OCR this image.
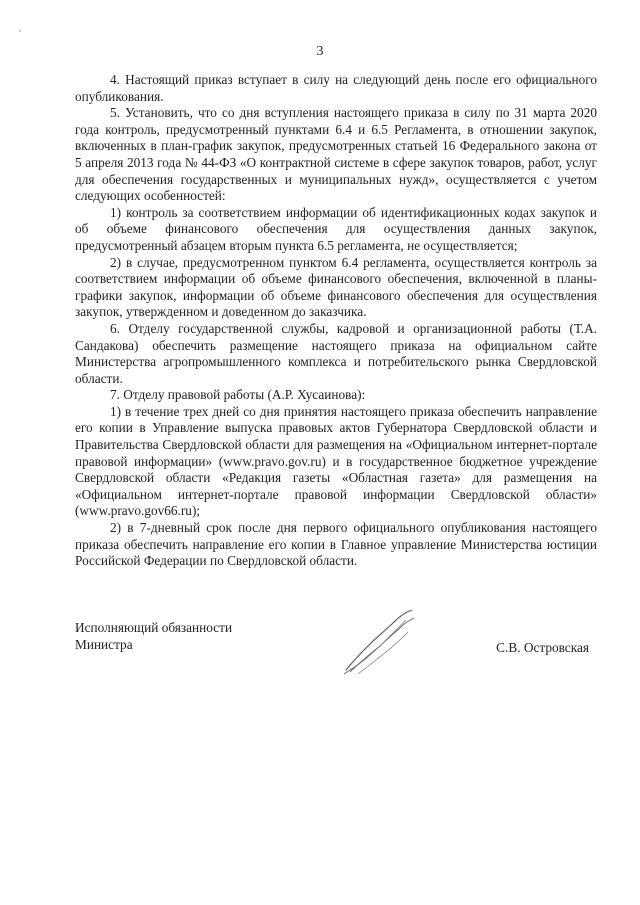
3

4. Настоящий приказ вступает в силу на следующий день после его официального опубликования.

5. Установить, что со дня вступления настоящего приказа в силу по 31 марта 2020 года контроль, предусмотренный пунктами 6.4 и 6.5 Регламента, в отношении закупок, включенных в план-график закупок, предусмотренных статьей 16 Федерального закона от 5 апреля 2013 года № 44-ФЗ «О контрактной системе в сфере закупок товаров, работ, услуг для обеспечения государственных и муниципальных нужд», осуществляется с учетом следующих особенностей:

1) контроль за соответствием информации об идентификационных кодах закупок и об объеме финансового обеспечения для осуществления данных закупок, предусмотренный абзацем вторым пункта 6.5 регламента, не осуществляется;

2) в случае, предусмотренном пунктом 6.4 регламента, осуществляется контроль за соответствием информации об объеме финансового обеспечения, включенной в планы-графики закупок, информации об объеме финансового обеспечения для осуществления закупок, утвержденном и доведенном до заказчика.

6. Отделу государственной службы, кадровой и организационной работы (Т.А. Сандакова) обеспечить размещение настоящего приказа на официальном сайте Министерства агропромышленного комплекса и потребительского рынка Свердловской области.

7. Отделу правовой работы (А.Р. Хусаинова):

1) в течение трех дней со дня принятия настоящего приказа обеспечить направление его копии в Управление выпуска правовых актов Губернатора Свердловской области и Правительства Свердловской области для размещения на «Официальном интернет-портале правовой информации» (www.pravo.gov.ru) и в государственное бюджетное учреждение Свердловской области «Редакция газеты «Областная газета» для размещения на «Официальном интернет-портале правовой информации Свердловской области» (www.pravo.gov66.ru);

2) в 7-дневный срок после дня первого официального опубликования настоящего приказа обеспечить направление его копии в Главное управление Министерства юстиции Российской Федерации по Свердловской области.

Исполняющий обязанности
Министра	С.В. Островская
